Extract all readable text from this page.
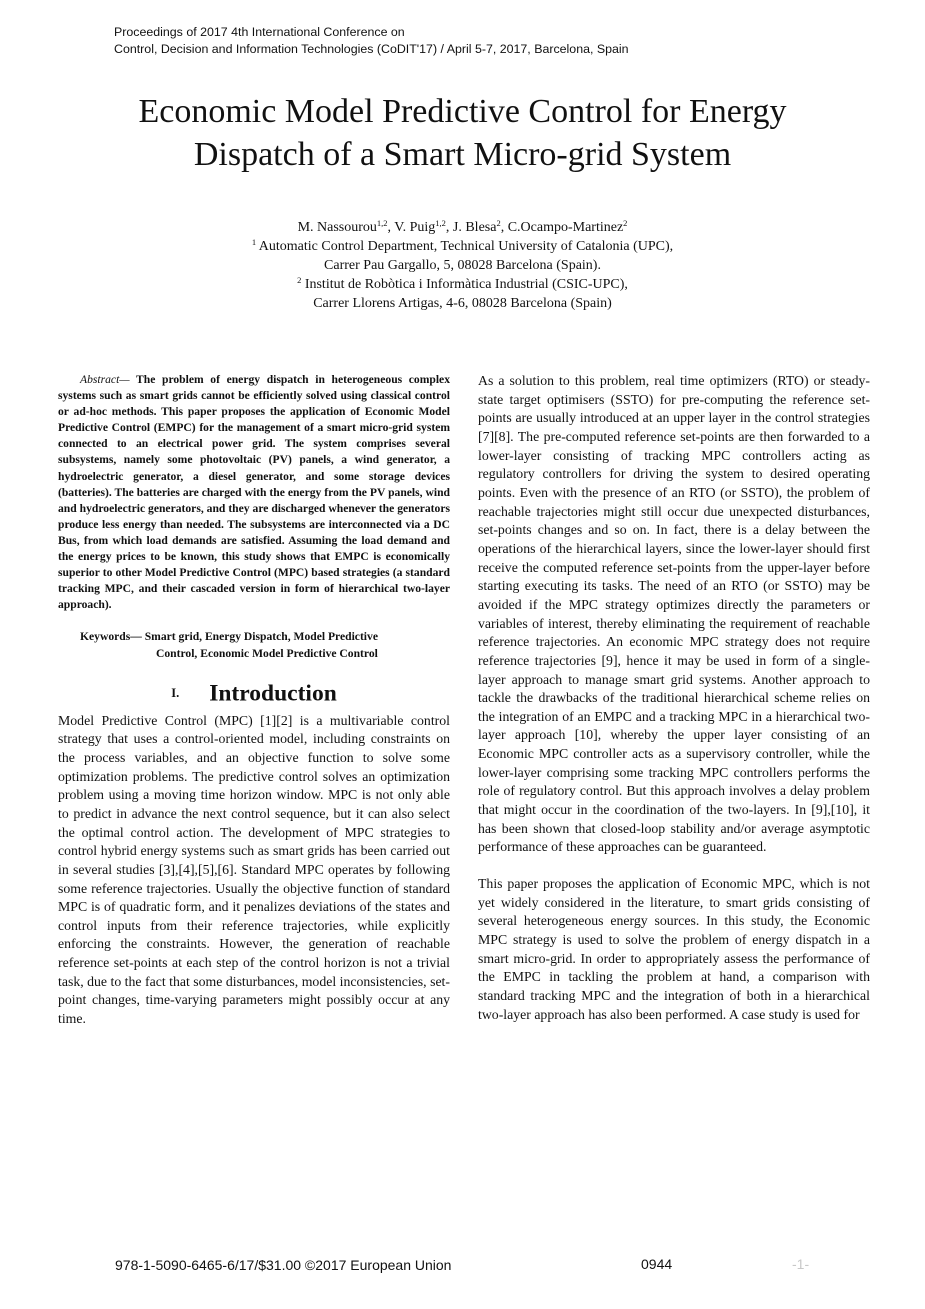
Proceedings of 2017 4th International Conference on
Control, Decision and Information Technologies (CoDIT'17) / April 5-7, 2017, Barcelona, Spain
Economic Model Predictive Control for Energy
Dispatch of a Smart Micro-grid System
M. Nassourou$^{1,2}$, V. Puig$^{1,2}$, J. Blesa$^2$, C.Ocampo-Martinez$^2$
$^1$ Automatic Control Department, Technical University of Catalonia (UPC),
Carrer Pau Gargallo, 5, 08028 Barcelona (Spain).
$^2$ Institut de Robòtica i Informàtica Industrial (CSIC-UPC),
Carrer Llorens Artigas, 4-6, 08028 Barcelona (Spain)

Abstract— The problem of energy dispatch in heterogeneous complex systems such as smart grids cannot be efficiently solved using classical control or ad-hoc methods. This paper proposes the application of Economic Model Predictive Control (EMPC) for the management of a smart micro-grid system connected to an electrical power grid. The system comprises several subsystems, namely some photovoltaic (PV) panels, a wind generator, a hydroelectric generator, a diesel generator, and some storage devices (batteries). The batteries are charged with the energy from the PV panels, wind and hydroelectric generators, and they are discharged whenever the generators produce less energy than needed. The subsystems are interconnected via a DC Bus, from which load demands are satisfied. Assuming the load demand and the energy prices to be known, this study shows that EMPC is economically superior to other Model Predictive Control (MPC) based strategies (a standard tracking MPC, and their cascaded version in form of hierarchical two-layer approach).

Keywords— Smart grid, Energy Dispatch, Model Predictive
Control, Economic Model Predictive Control
I. Introduction

Model Predictive Control (MPC) [1][2] is a multivariable control strategy that uses a control-oriented model, including constraints on the process variables, and an objective function to solve some optimization problems. The predictive control solves an optimization problem using a moving time horizon window. MPC is not only able to predict in advance the next control sequence, but it can also select the optimal control action. The development of MPC strategies to control hybrid energy systems such as smart grids has been carried out in several studies [3],[4],[5],[6]. Standard MPC operates by following some reference trajectories. Usually the objective function of standard MPC is of quadratic form, and it penalizes deviations of the states and control inputs from their reference trajectories, while explicitly enforcing the constraints. However, the generation of reachable reference set-points at each step of the control horizon is not a trivial task, due to the fact that some disturbances, model inconsistencies, set-point changes, time-varying parameters might possibly occur at any time.

As a solution to this problem, real time optimizers (RTO) or steady-state target optimisers (SSTO) for pre-computing the reference set-points are usually introduced at an upper layer in the control strategies [7][8]. The pre-computed reference set-points are then forwarded to a lower-layer consisting of tracking MPC controllers acting as regulatory controllers for driving the system to desired operating points. Even with the presence of an RTO (or SSTO), the problem of reachable trajectories might still occur due unexpected disturbances, set-points changes and so on. In fact, there is a delay between the operations of the hierarchical layers, since the lower-layer should first receive the computed reference set-points from the upper-layer before starting executing its tasks. The need of an RTO (or SSTO) may be avoided if the MPC strategy optimizes directly the parameters or variables of interest, thereby eliminating the requirement of reachable reference trajectories. An economic MPC strategy does not require reference trajectories [9], hence it may be used in form of a single-layer approach to manage smart grid systems. Another approach to tackle the drawbacks of the traditional hierarchical scheme relies on the integration of an EMPC and a tracking MPC in a hierarchical two-layer approach [10], whereby the upper layer consisting of an Economic MPC controller acts as a supervisory controller, while the lower-layer comprising some tracking MPC controllers performs the role of regulatory control. But this approach involves a delay problem that might occur in the coordination of the two-layers. In [9],[10], it has been shown that closed-loop stability and/or average asymptotic performance of these approaches can be guaranteed.

This paper proposes the application of Economic MPC, which is not yet widely considered in the literature, to smart grids consisting of several heterogeneous energy sources. In this study, the Economic MPC strategy is used to solve the problem of energy dispatch in a smart micro-grid. In order to appropriately assess the performance of the EMPC in tackling the problem at hand, a comparison with standard tracking MPC and the integration of both in a hierarchical two-layer approach has also been performed. A case study is used for

978-1-5090-6465-6/17/$31.00 ©2017 European Union	0944	-1-
